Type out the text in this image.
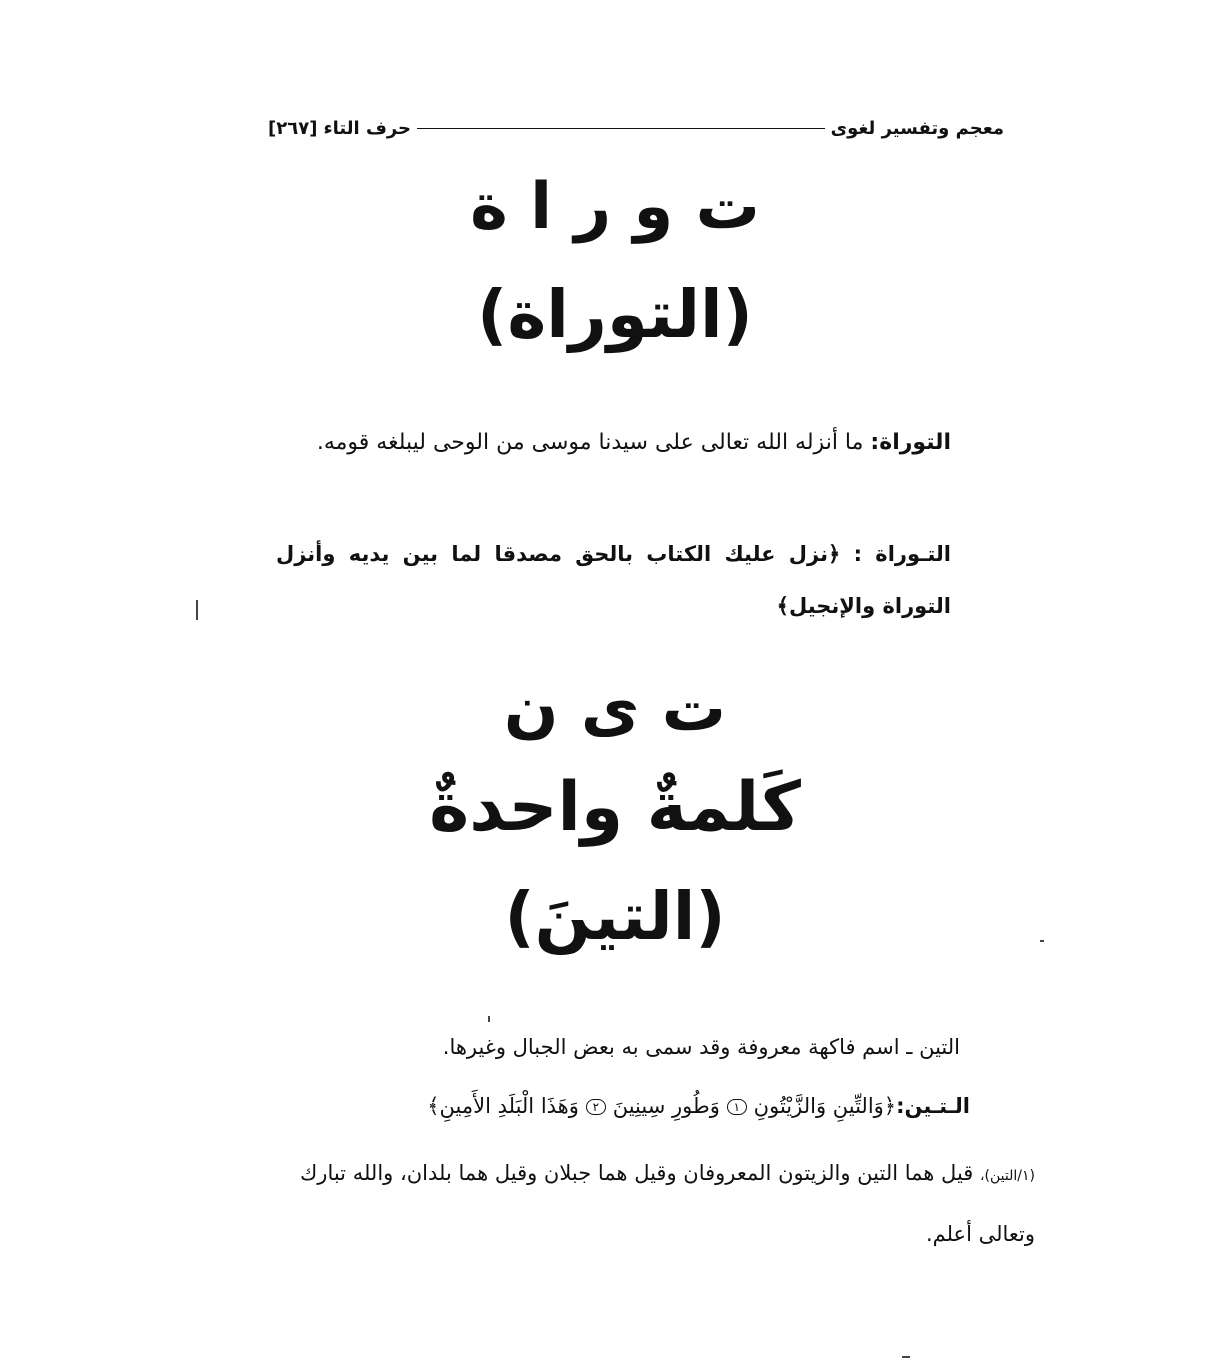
معجم وتفسير لغوى
حرف التاء
[٢٦٧]
ت و ر ا ة
(التوراة)
التوراة: ما أنزله الله تعالى على سيدنا موسى من الوحى ليبلغه قومه.
التـوراة : ﴿نزل عليك الكتاب بالحق مصدقا لما بين يديه وأنزل التوراة والإنجيل﴾
ت ى ن
كَلمةٌ واحدةٌ
(التينَ)
التين ـ اسم فاكهة معروفة وقد سمى به بعض الجبال وغيرها.
الـتـين:﴿وَالتِّينِ وَالزَّيْتُونِ ١ وَطُورِ سِينِينَ ٢ وَهَذَا الْبَلَدِ الأَمِينِ﴾
(١/التين)، قيل هما التين والزيتون المعروفان وقيل هما جبلان وقيل هما بلدان، والله تبارك وتعالى أعلم.
